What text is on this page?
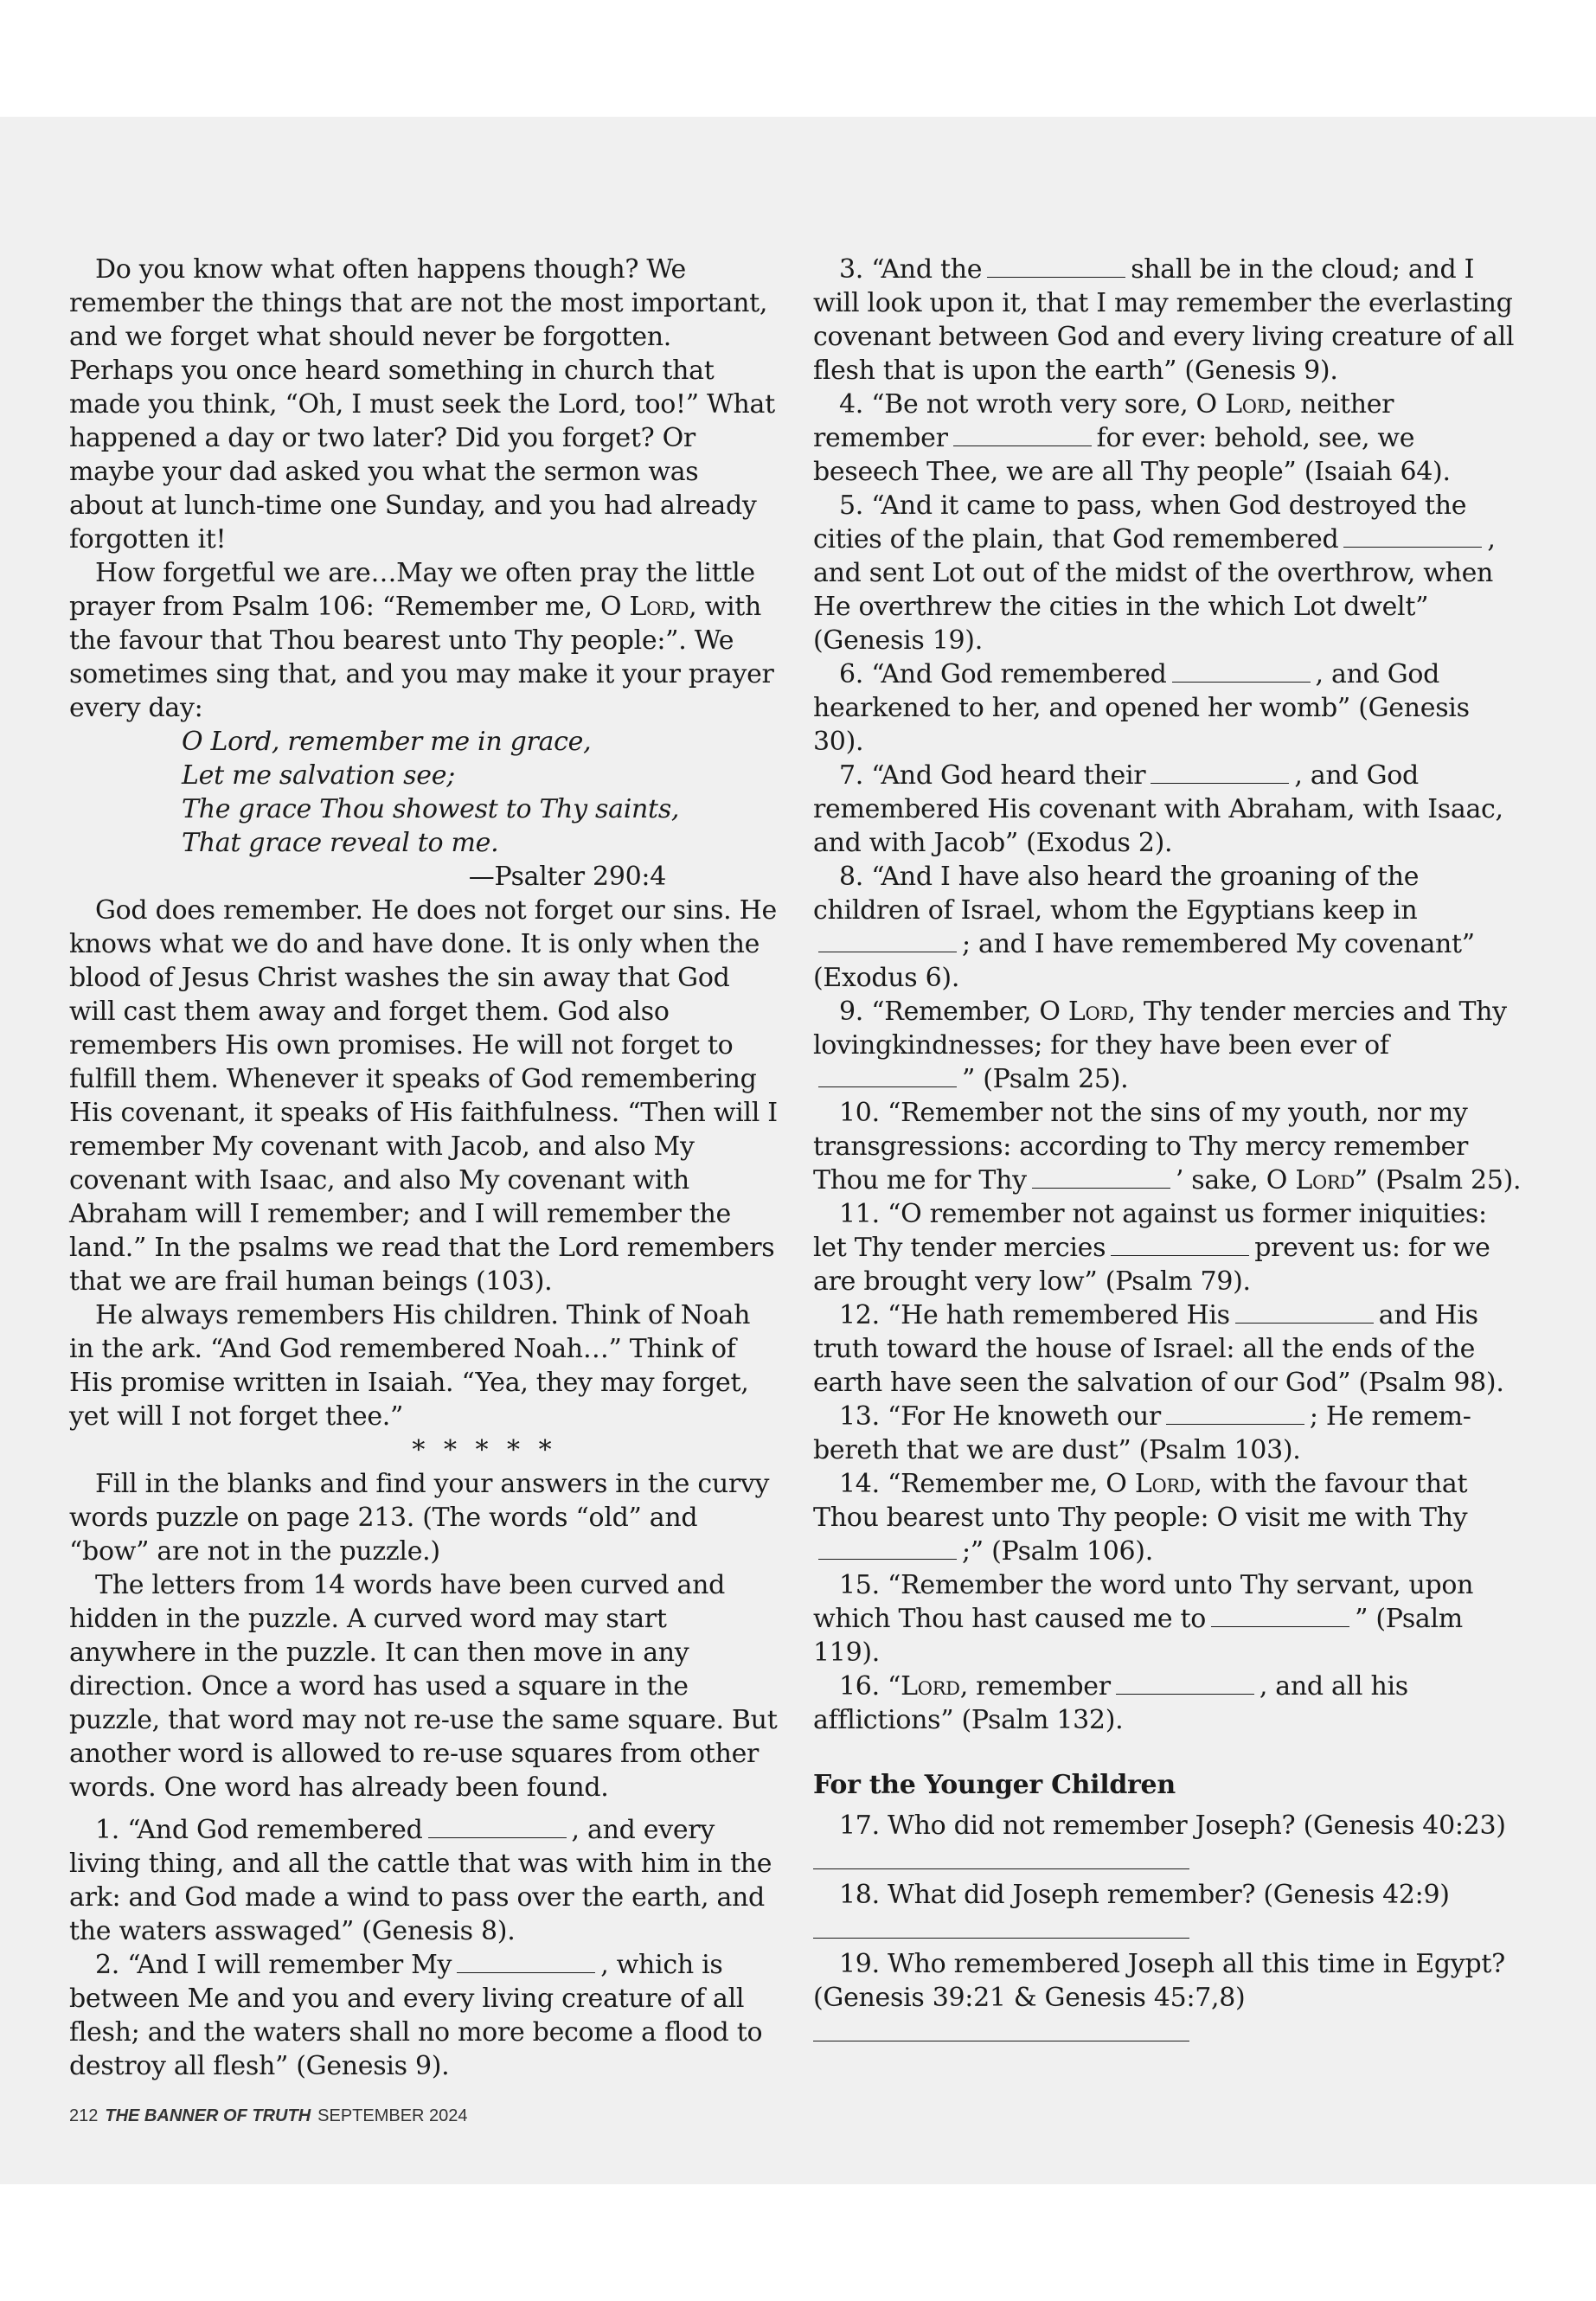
Do you know what often happens though? We remember the things that are not the most important, and we forget what should never be forgotten. Perhaps you once heard something in church that made you think, “Oh, I must seek the Lord, too!” What happened a day or two later? Did you forget? Or maybe your dad asked you what the sermon was about at lunch-time one Sunday, and you had already forgotten it!

How forgetful we are…May we often pray the little prayer from Psalm 106: “Remember me, O Lord, with the favour that Thou bearest unto Thy people:”. We sometimes sing that, and you may make it your prayer every day:

O Lord, remember me in grace,
Let me salvation see;
The grace Thou showest to Thy saints,
That grace reveal to me.

—Psalter 290:4

God does remember. He does not forget our sins. He knows what we do and have done. It is only when the blood of Jesus Christ washes the sin away that God will cast them away and forget them. God also remembers His own promises. He will not forget to fulfill them. Whenever it speaks of God remembering His covenant, it speaks of His faithfulness. “Then will I remember My covenant with Jacob, and also My covenant with Isaac, and also My covenant with Abraham will I remember; and I will remember the land.” In the psalms we read that the Lord remembers that we are frail human beings (103).

He always remembers His children. Think of Noah in the ark. “And God remembered Noah…” Think of His promise written in Isaiah. “Yea, they may forget, yet will I not forget thee.”

* * * * *

Fill in the blanks and find your answers in the curvy words puzzle on page 213. (The words “old” and “bow” are not in the puzzle.)

The letters from 14 words have been curved and hidden in the puzzle. A curved word may start anywhere in the puzzle. It can then move in any direction. Once a word has used a square in the puzzle, that word may not re-use the same square. But another word is allowed to re-use squares from other words. One word has already been found.

1. “And God remembered	, and every living thing, and all the cattle that was with him in the ark: and God made a wind to pass over the earth, and the waters asswaged” (Genesis 8).

2. “And I will remember My	, which is between Me and you and every living creature of all flesh; and the waters shall no more become a flood to destroy all flesh” (Genesis 9).

3. “And the	shall be in the cloud; and I will look upon it, that I may remember the everlasting covenant between God and every living creature of all flesh that is upon the earth” (Genesis 9).

4. “Be not wroth very sore, O Lord, neither remember	for ever: behold, see, we beseech Thee, we are all Thy people” (Isaiah 64).

5. “And it came to pass, when God destroyed the cities of the plain, that God remembered	, and sent Lot out of the midst of the overthrow, when He overthrew the cities in the which Lot dwelt” (Genesis 19).

6. “And God remembered	, and God hearkened to her, and opened her womb” (Genesis 30).

7. “And God heard their	, and God remembered His covenant with Abraham, with Isaac, and with Jacob” (Exodus 2).

8. “And I have also heard the groaning of the children of Israel, whom the Egyptians keep in; and I have remembered My covenant” (Exodus 6).

9. “Remember, O Lord, Thy tender mercies and Thy lovingkindnesses; for they have been ever of” (Psalm 25).

10. “Remember not the sins of my youth, nor my transgressions: according to Thy mercy remember Thou me for Thy	’ sake, O Lord” (Psalm 25).

11. “O remember not against us former iniquities: let Thy tender mercies	prevent us: for we are brought very low” (Psalm 79).

12. “He hath remembered His	and His truth toward the house of Israel: all the ends of the earth have seen the salvation of our God” (Psalm 98).

13. “For He knoweth our	; He remem-bereth that we are dust” (Psalm 103).

14. “Remember me, O Lord, with the favour that Thou bearest unto Thy people: O visit me with Thy;” (Psalm 106).

15. “Remember the word unto Thy servant, upon which Thou hast caused me to	” (Psalm 119).

16. “Lord, remember	, and all his afflictions” (Psalm 132).

For the Younger Children

17. Who did not remember Joseph? (Genesis 40:23)

18. What did Joseph remember? (Genesis 42:9)

19. Who remembered Joseph all this time in Egypt? (Genesis 39:21 & Genesis 45:7,8)

212 THE BANNER OF TRUTH SEPTEMBER 2024
